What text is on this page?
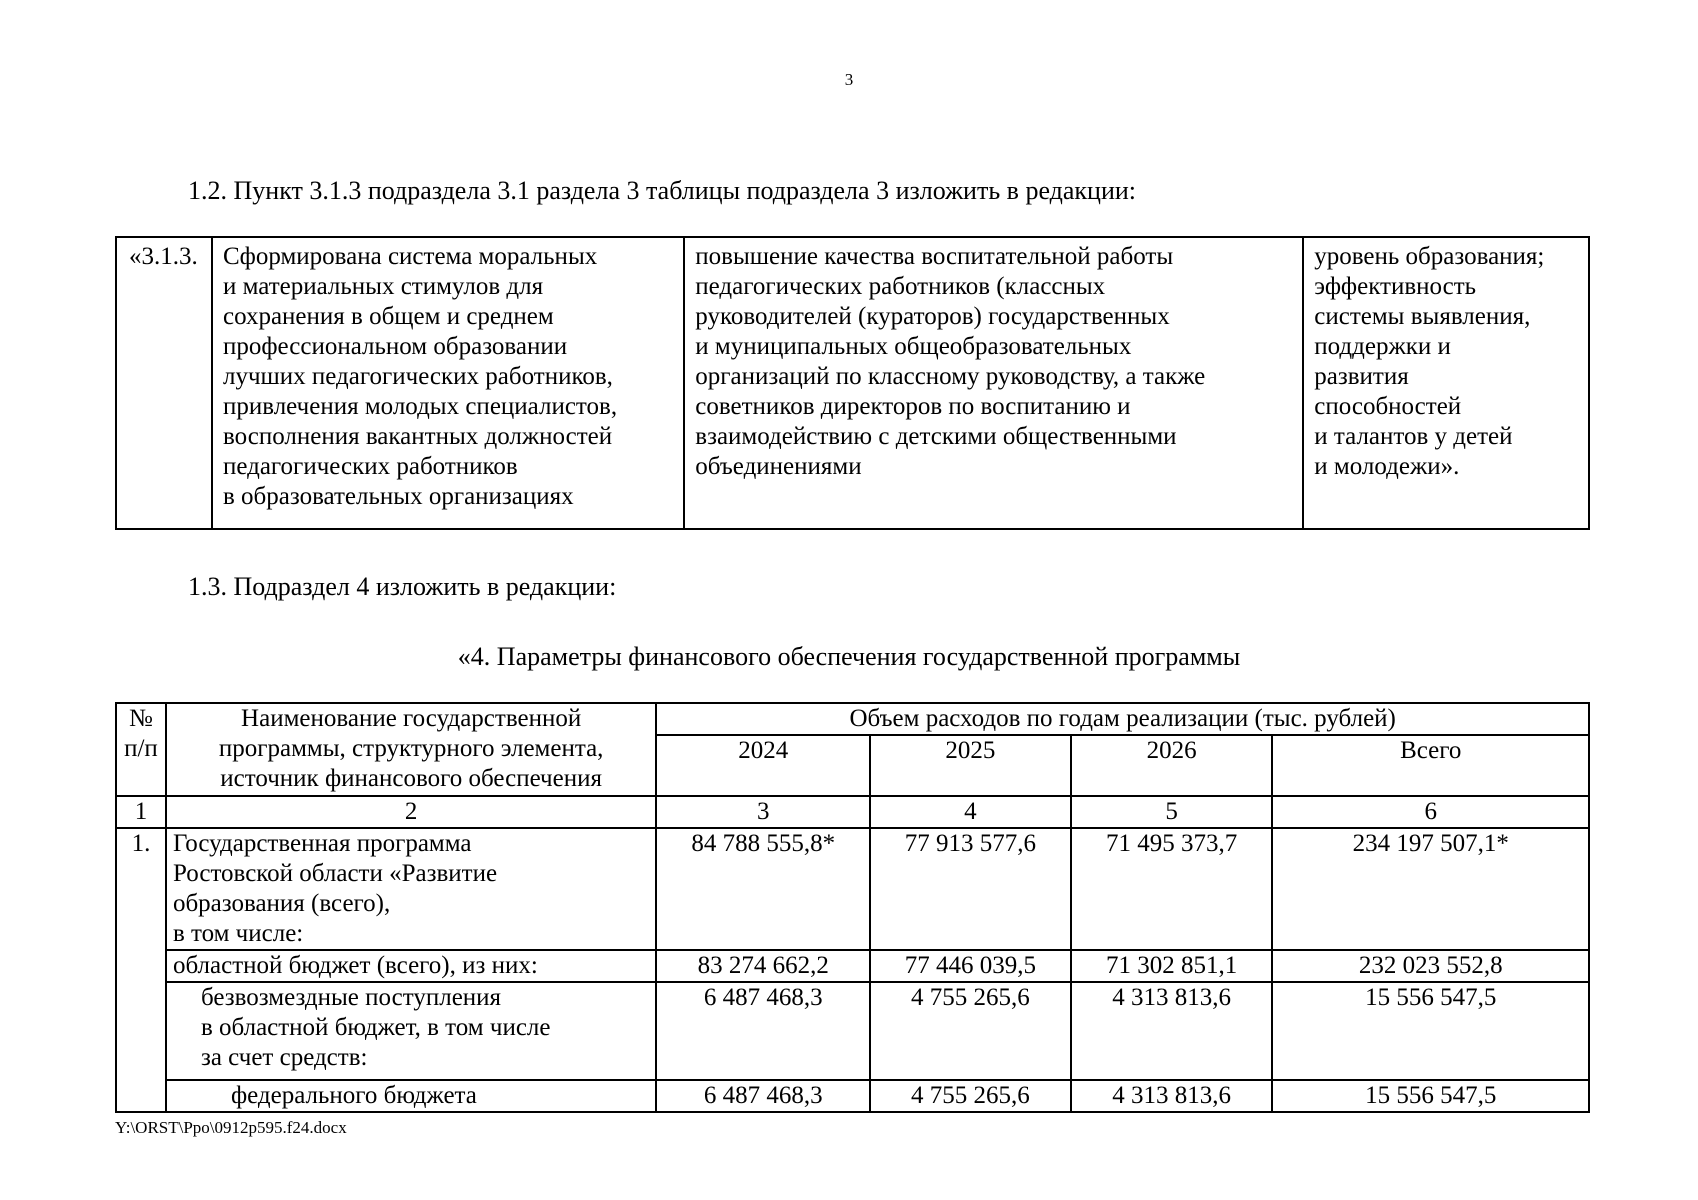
3
1.2. Пункт 3.1.3 подраздела 3.1 раздела 3 таблицы подраздела 3 изложить в редакции:
«3.1.3.	Сформирована система моральных
и материальных стимулов для
сохранения в общем и среднем
профессиональном образовании
лучших педагогических работников,
привлечения молодых специалистов,
восполнения вакантных должностей
педагогических работников
в образовательных организациях	повышение качества воспитательной работы
педагогических работников (классных
руководителей (кураторов) государственных
и муниципальных общеобразовательных
организаций по классному руководству, а также
советников директоров по воспитанию и
взаимодействию с детскими общественными
объединениями	уровень образования;
эффективность
системы выявления,
поддержки и
развития
способностей
и талантов у детей
и молодежи».
1.3. Подраздел 4 изложить в редакции:
«4. Параметры финансового обеспечения государственной программы
№
п/п	Наименование государственной
программы, структурного элемента,
источник финансового обеспечения	Объем расходов по годам реализации (тыс. рублей)			
		2024	2025	2026	Всего
1	2	3	4	5	6
1.	Государственная программа
Ростовской области «Развитие
образования (всего),
в том числе:	84 788 555,8*	77 913 577,6	71 495 373,7	234 197 507,1*
	областной бюджет (всего), из них:	83 274 662,2	77 446 039,5	71 302 851,1	232 023 552,8
	безвозмездные поступления
в областной бюджет, в том числе
за счет средств:	6 487 468,3	4 755 265,6	4 313 813,6	15 556 547,5
	федерального бюджета	6 487 468,3	4 755 265,6	4 313 813,6	15 556 547,5
Y:\ORST\Ppo\0912p595.f24.docx
